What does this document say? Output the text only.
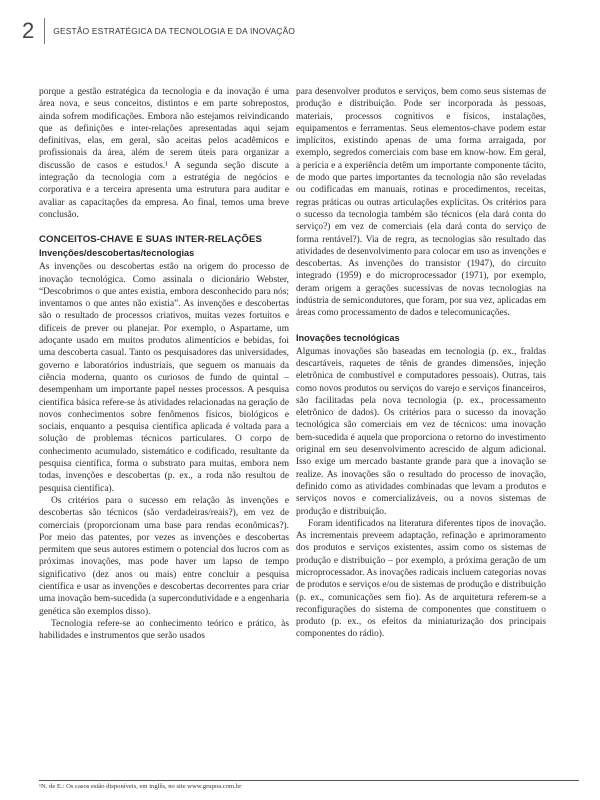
2 GESTÃO ESTRATÉGICA DA TECNOLOGIA E DA INOVAÇÃO

porque a gestão estratégica da tecnologia e da inovação é uma área nova, e seus conceitos, distintos e em parte sobrepostos, ainda sofrem modificações. Embora não estejamos reivindicando que as definições e inter-relações apresentadas aqui sejam definitivas, elas, em geral, são aceitas pelos acadêmicos e profissionais da área, além de serem úteis para organizar a discussão de casos e estudos.¹ A segunda seção discute a integração da tecnologia com a estratégia de negócios e corporativa e a terceira apresenta uma estrutura para auditar e avaliar as capacitações da empresa. Ao final, temos uma breve conclusão.

CONCEITOS-CHAVE E SUAS INTER-RELAÇÕES
Invenções/descobertas/tecnologias

As invenções ou descobertas estão na origem do processo de inovação tecnológica. Como assinala o dicionário Webster, “Descobrimos o que antes existia, embora desconhecido para nós; inventamos o que antes não existia”. As invenções e descobertas são o resultado de processos criativos, muitas vezes fortuitos e difíceis de prever ou planejar. Por exemplo, o Aspartame, um adoçante usado em muitos produtos alimentícios e bebidas, foi uma descoberta casual. Tanto os pesquisadores das universidades, governo e laboratórios industriais, que seguem os manuais da ciência moderna, quanto os curiosos de fundo de quintal – desempenham um importante papel nesses processos. A pesquisa científica básica refere-se às atividades relacionadas na geração de novos conhecimentos sobre fenômenos físicos, biológicos e sociais, enquanto a pesquisa científica aplicada é voltada para a solução de problemas técnicos particulares. O corpo de conhecimento acumulado, sistemático e codificado, resultante da pesquisa científica, forma o substrato para muitas, embora nem todas, invenções e descobertas (p. ex., a roda não resultou de pesquisa científica).

Os critérios para o sucesso em relação às invenções e descobertas são técnicos (são verdadeiras/reais?), em vez de comerciais (proporcionam uma base para rendas econômicas?). Por meio das patentes, por vezes as invenções e descobertas permitem que seus autores estimem o potencial dos lucros com as próximas inovações, mas pode haver um lapso de tempo significativo (dez anos ou mais) entre concluir a pesquisa científica e usar as invenções e descobertas decorrentes para criar uma inovação bem-sucedida (a supercondutividade e a engenharia genética são exemplos disso).

Tecnologia refere-se ao conhecimento teórico e prático, às habilidades e instrumentos que serão usados

para desenvolver produtos e serviços, bem como seus sistemas de produção e distribuição. Pode ser incorporada às pessoas, materiais, processos cognitivos e físicos, instalações, equipamentos e ferramentas. Seus elementos-chave podem estar implícitos, existindo apenas de uma forma arraigada, por exemplo, segredos comerciais com base em know-how. Em geral, a perícia e a experiência detêm um importante componente tácito, de modo que partes importantes da tecnologia não são reveladas ou codificadas em manuais, rotinas e procedimentos, receitas, regras práticas ou outras articulações explícitas. Os critérios para o sucesso da tecnologia também são técnicos (ela dará conta do serviço?) em vez de comerciais (ela dará conta do serviço de forma rentável?). Via de regra, as tecnologias são resultado das atividades de desenvolvimento para colocar em uso as invenções e descobertas. As invenções do transistor (1947), do circuito integrado (1959) e do microprocessador (1971), por exemplo, deram origem a gerações sucessivas de novas tecnologias na indústria de semicondutores, que foram, por sua vez, aplicadas em áreas como processamento de dados e telecomunicações.

Inovações tecnológicas

Algumas inovações são baseadas em tecnologia (p. ex., fraldas descartáveis, raquetes de tênis de grandes dimensões, injeção eletrônica de combustível e computadores pessoais). Outras, tais como novos produtos ou serviços do varejo e serviços financeiros, são facilitadas pela nova tecnologia (p. ex., processamento eletrônico de dados). Os critérios para o sucesso da inovação tecnológica são comerciais em vez de técnicos: uma inovação bem-sucedida é aquela que proporciona o retorno do investimento original em seu desenvolvimento acrescido de algum adicional. Isso exige um mercado bastante grande para que a inovação se realize. As inovações são o resultado do processo de inovação, definido como as atividades combinadas que levam a produtos e serviços novos e comercializáveis, ou a novos sistemas de produção e distribuição.

Foram identificados na literatura diferentes tipos de inovação. As incrementais preveem adaptação, refinação e aprimoramento dos produtos e serviços existentes, assim como os sistemas de produção e distribuição – por exemplo, a próxima geração de um microprocessador. As inovações radicais incluem categorias novas de produtos e serviços e/ou de sistemas de produção e distribuição (p. ex., comunicações sem fio). As de arquitetura referem-se a reconfigurações do sistema de componentes que constituem o produto (p. ex., os efeitos da miniaturização dos principais componentes do rádio).

¹N. de E.: Os casos estão disponíveis, em inglês, no site www.grupoa.com.br
